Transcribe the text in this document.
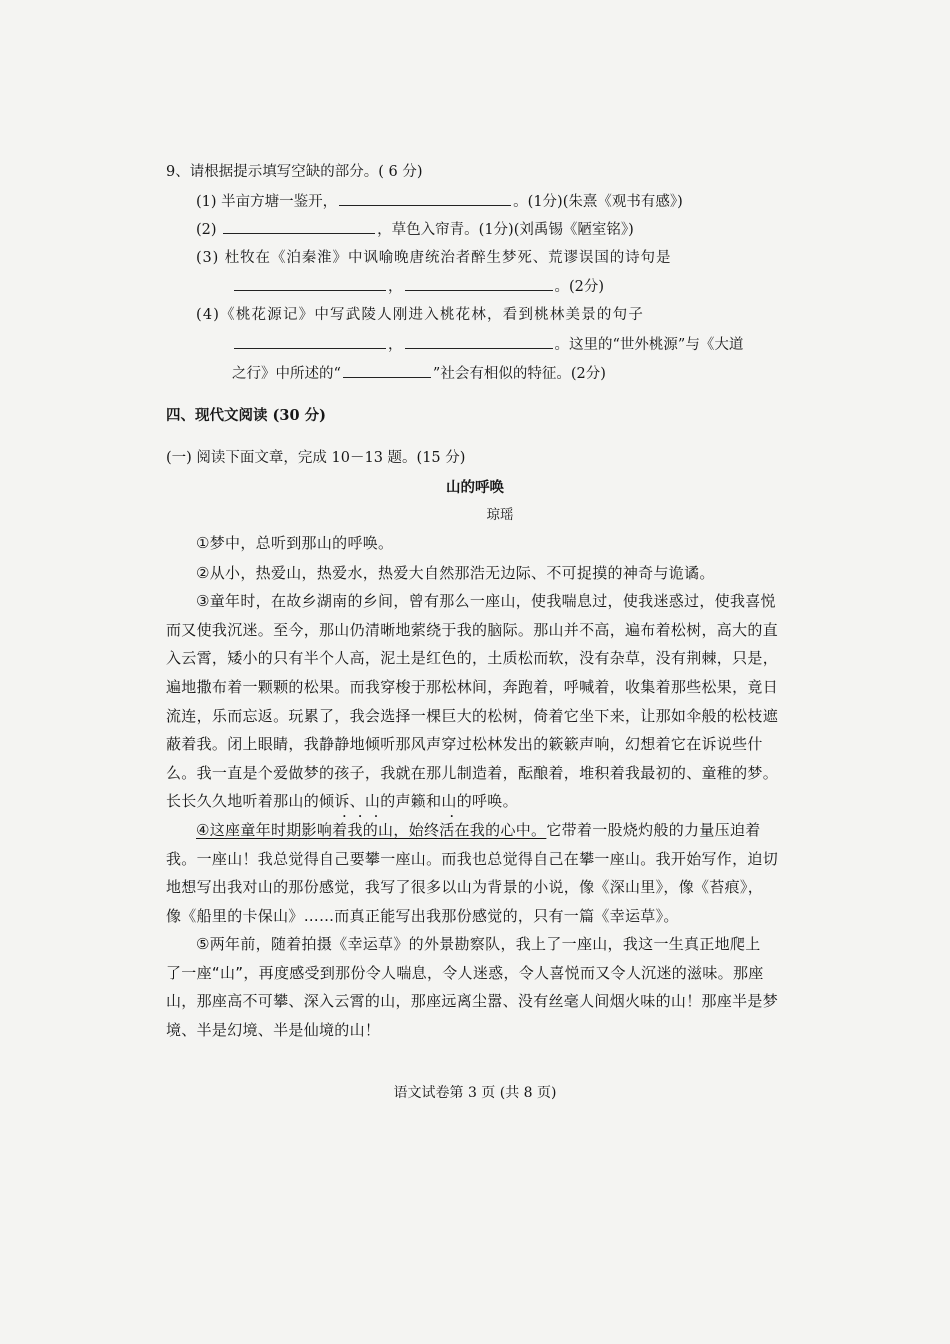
9、请根据提示填写空缺的部分。( 6 分)
(1) 半亩方塘一鉴开，	。(1分)(朱熹《观书有感》)
(2)	，草色入帘青。(1分)(刘禹锡《陋室铭》)
(3) 杜牧在《泊秦淮》中讽喻晚唐统治者醉生梦死、荒谬误国的诗句是
，	。(2分)
(4)《桃花源记》中写武陵人刚进入桃花林，看到桃林美景的句子
，	。这里的“世外桃源”与《大道
之行》中所述的“	”社会有相似的特征。(2分)
四、现代文阅读 (30 分)
(一) 阅读下面文章，完成 10－13 题。(15 分)
山的呼唤
琼瑶
①梦中，总听到那山的呼唤。
②从小，热爱山，热爱水，热爱大自然那浩无边际、不可捉摸的神奇与诡谲。
③童年时，在故乡湖南的乡间，曾有那么一座山，使我喘息过，使我迷惑过，使我喜悦
而又使我沉迷。至今，那山仍清晰地萦绕于我的脑际。那山并不高，遍布着松树，高大的直
入云霄，矮小的只有半个人高，泥土是红色的，土质松而软，没有杂草，没有荆棘，只是，
遍地撒布着一颗颗的松果。而我穿梭于那松林间，奔跑着，呼喊着，收集着那些松果，竟日
流连，乐而忘返。玩累了，我会选择一棵巨大的松树，倚着它坐下来，让那如伞般的松枝遮
蔽着我。闭上眼睛，我静静地倾听那风声穿过松林发出的簌簌声响，幻想着它在诉说些什
么。我一直是个爱做梦的孩子，我就在那儿制造着，酝酿着，堆积着我最初的、童稚的梦。
长长久久地听着那山的倾诉、山的声籁和山的呼唤。
···	·
④这座童年时期影响着我的山，始终活在我的心中。它带着一股烧灼般的力量压迫着
我。一座山！我总觉得自己要攀一座山。而我也总觉得自己在攀一座山。我开始写作，迫切
地想写出我对山的那份感觉，我写了很多以山为背景的小说，像《深山里》，像《苔痕》，
像《船里的卡保山》……而真正能写出我那份感觉的，只有一篇《幸运草》。
⑤两年前，随着拍摄《幸运草》的外景勘察队，我上了一座山，我这一生真正地爬上
了一座“山”，再度感受到那份令人喘息，令人迷惑，令人喜悦而又令人沉迷的滋味。那座
山，那座高不可攀、深入云霄的山，那座远离尘嚣、没有丝毫人间烟火味的山！那座半是梦
境、半是幻境、半是仙境的山！
语文试卷第 3 页 (共 8 页)
